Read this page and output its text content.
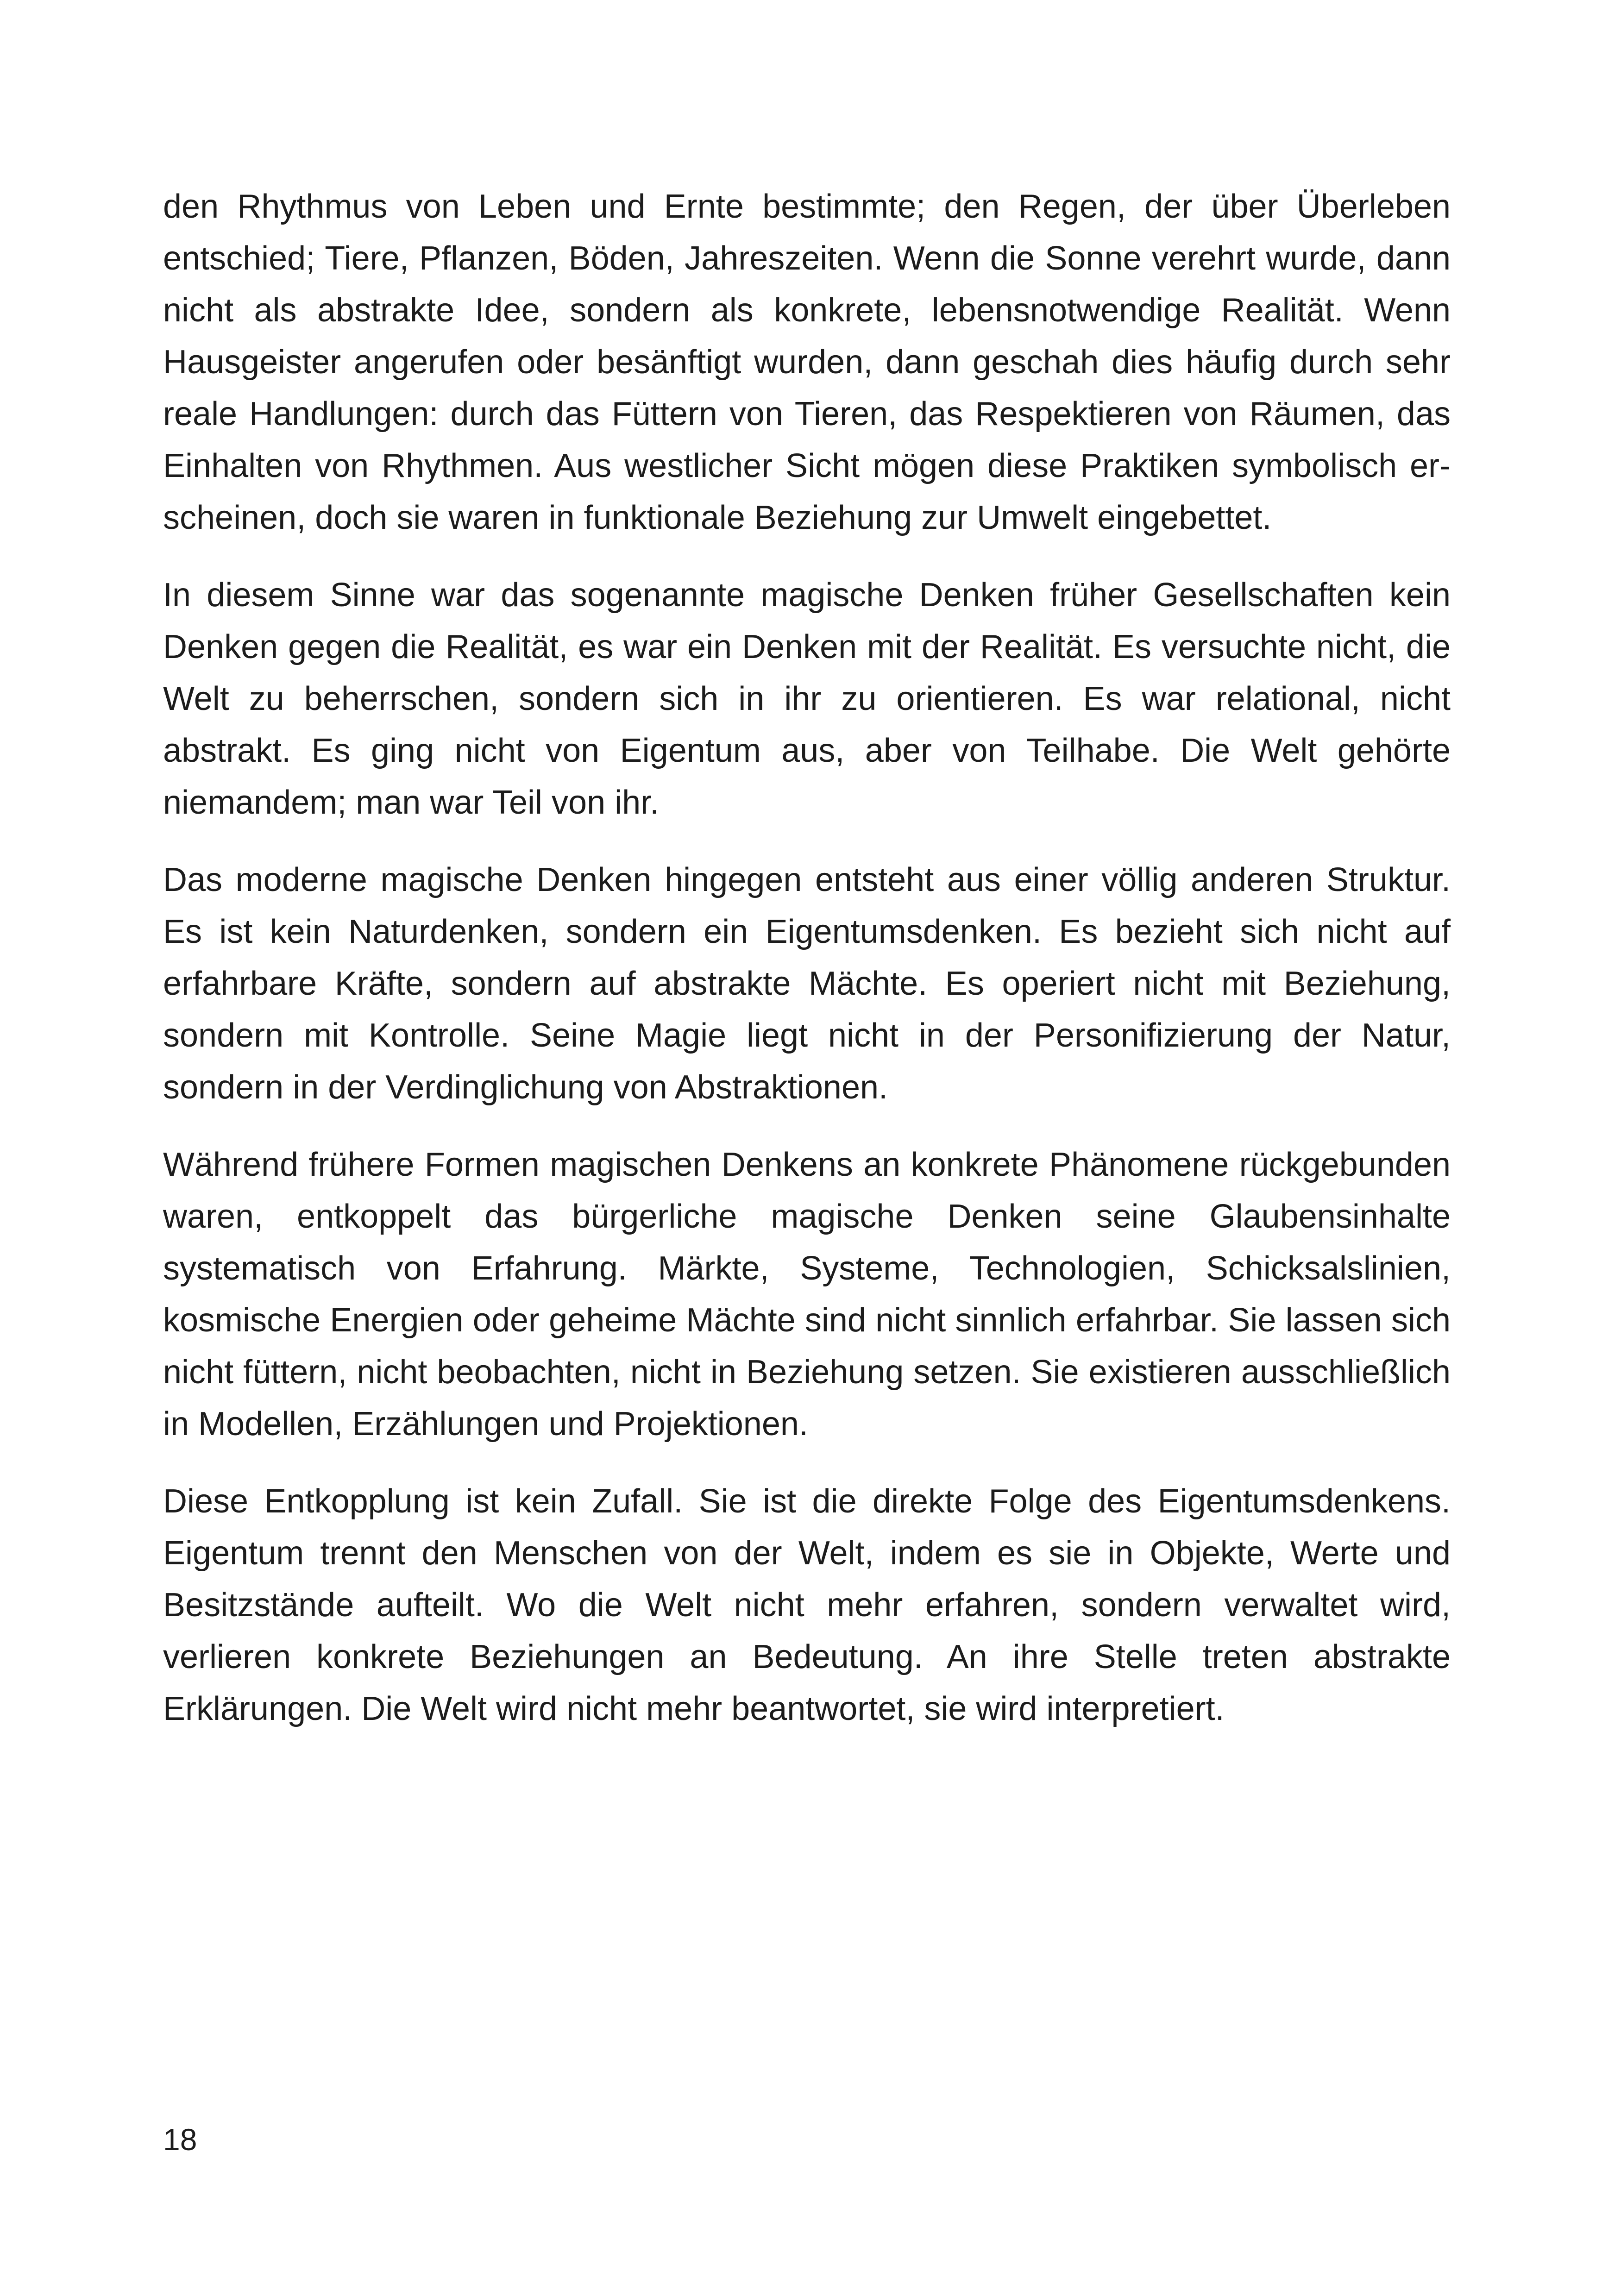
den Rhythmus von Leben und Ernte bestimmte; den Regen, der über Überleben entschied; Tiere, Pflanzen, Böden, Jahreszeiten. Wenn die Sonne verehrt wurde, dann nicht als abstrakte Idee, sondern als konkrete, lebensnotwendige Realität. Wenn Hausgeister angerufen oder besänftigt wurden, dann geschah dies häufig durch sehr reale Handlungen: durch das Füttern von Tieren, das Respektieren von Räumen, das Einhalten von Rhythmen. Aus westlicher Sicht mögen diese Praktiken symbolisch erscheinen, doch sie waren in funktionale Beziehung zur Umwelt eingebettet.

In diesem Sinne war das sogenannte magische Denken früher Gesellschaften kein Denken gegen die Realität, es war ein Denken mit der Realität. Es versuchte nicht, die Welt zu beherrschen, sondern sich in ihr zu orientieren. Es war relational, nicht abstrakt. Es ging nicht von Eigentum aus, aber von Teilhabe. Die Welt gehörte niemandem; man war Teil von ihr.

Das moderne magische Denken hingegen entsteht aus einer völlig anderen Struktur. Es ist kein Naturdenken, sondern ein Eigentumsdenken. Es bezieht sich nicht auf erfahrbare Kräfte, sondern auf abstrakte Mächte. Es operiert nicht mit Beziehung, sondern mit Kontrolle. Seine Magie liegt nicht in der Personifizierung der Natur, sondern in der Verdinglichung von Abstraktionen.

Während frühere Formen magischen Denkens an konkrete Phänomene rückgebunden waren, entkoppelt das bürgerliche magische Denken seine Glaubensinhalte systematisch von Erfahrung. Märkte, Systeme, Technologien, Schicksalslinien, kosmische Energien oder geheime Mächte sind nicht sinnlich erfahrbar. Sie lassen sich nicht füttern, nicht beobachten, nicht in Beziehung setzen. Sie existieren ausschließlich in Modellen, Erzählungen und Projektionen.

Diese Entkopplung ist kein Zufall. Sie ist die direkte Folge des Eigentumsdenkens. Eigentum trennt den Menschen von der Welt, indem es sie in Objekte, Werte und Besitzstände aufteilt. Wo die Welt nicht mehr erfahren, sondern verwaltet wird, verlieren konkrete Beziehungen an Bedeutung. An ihre Stelle treten abstrakte Erklärungen. Die Welt wird nicht mehr beantwortet, sie wird interpretiert.

18
